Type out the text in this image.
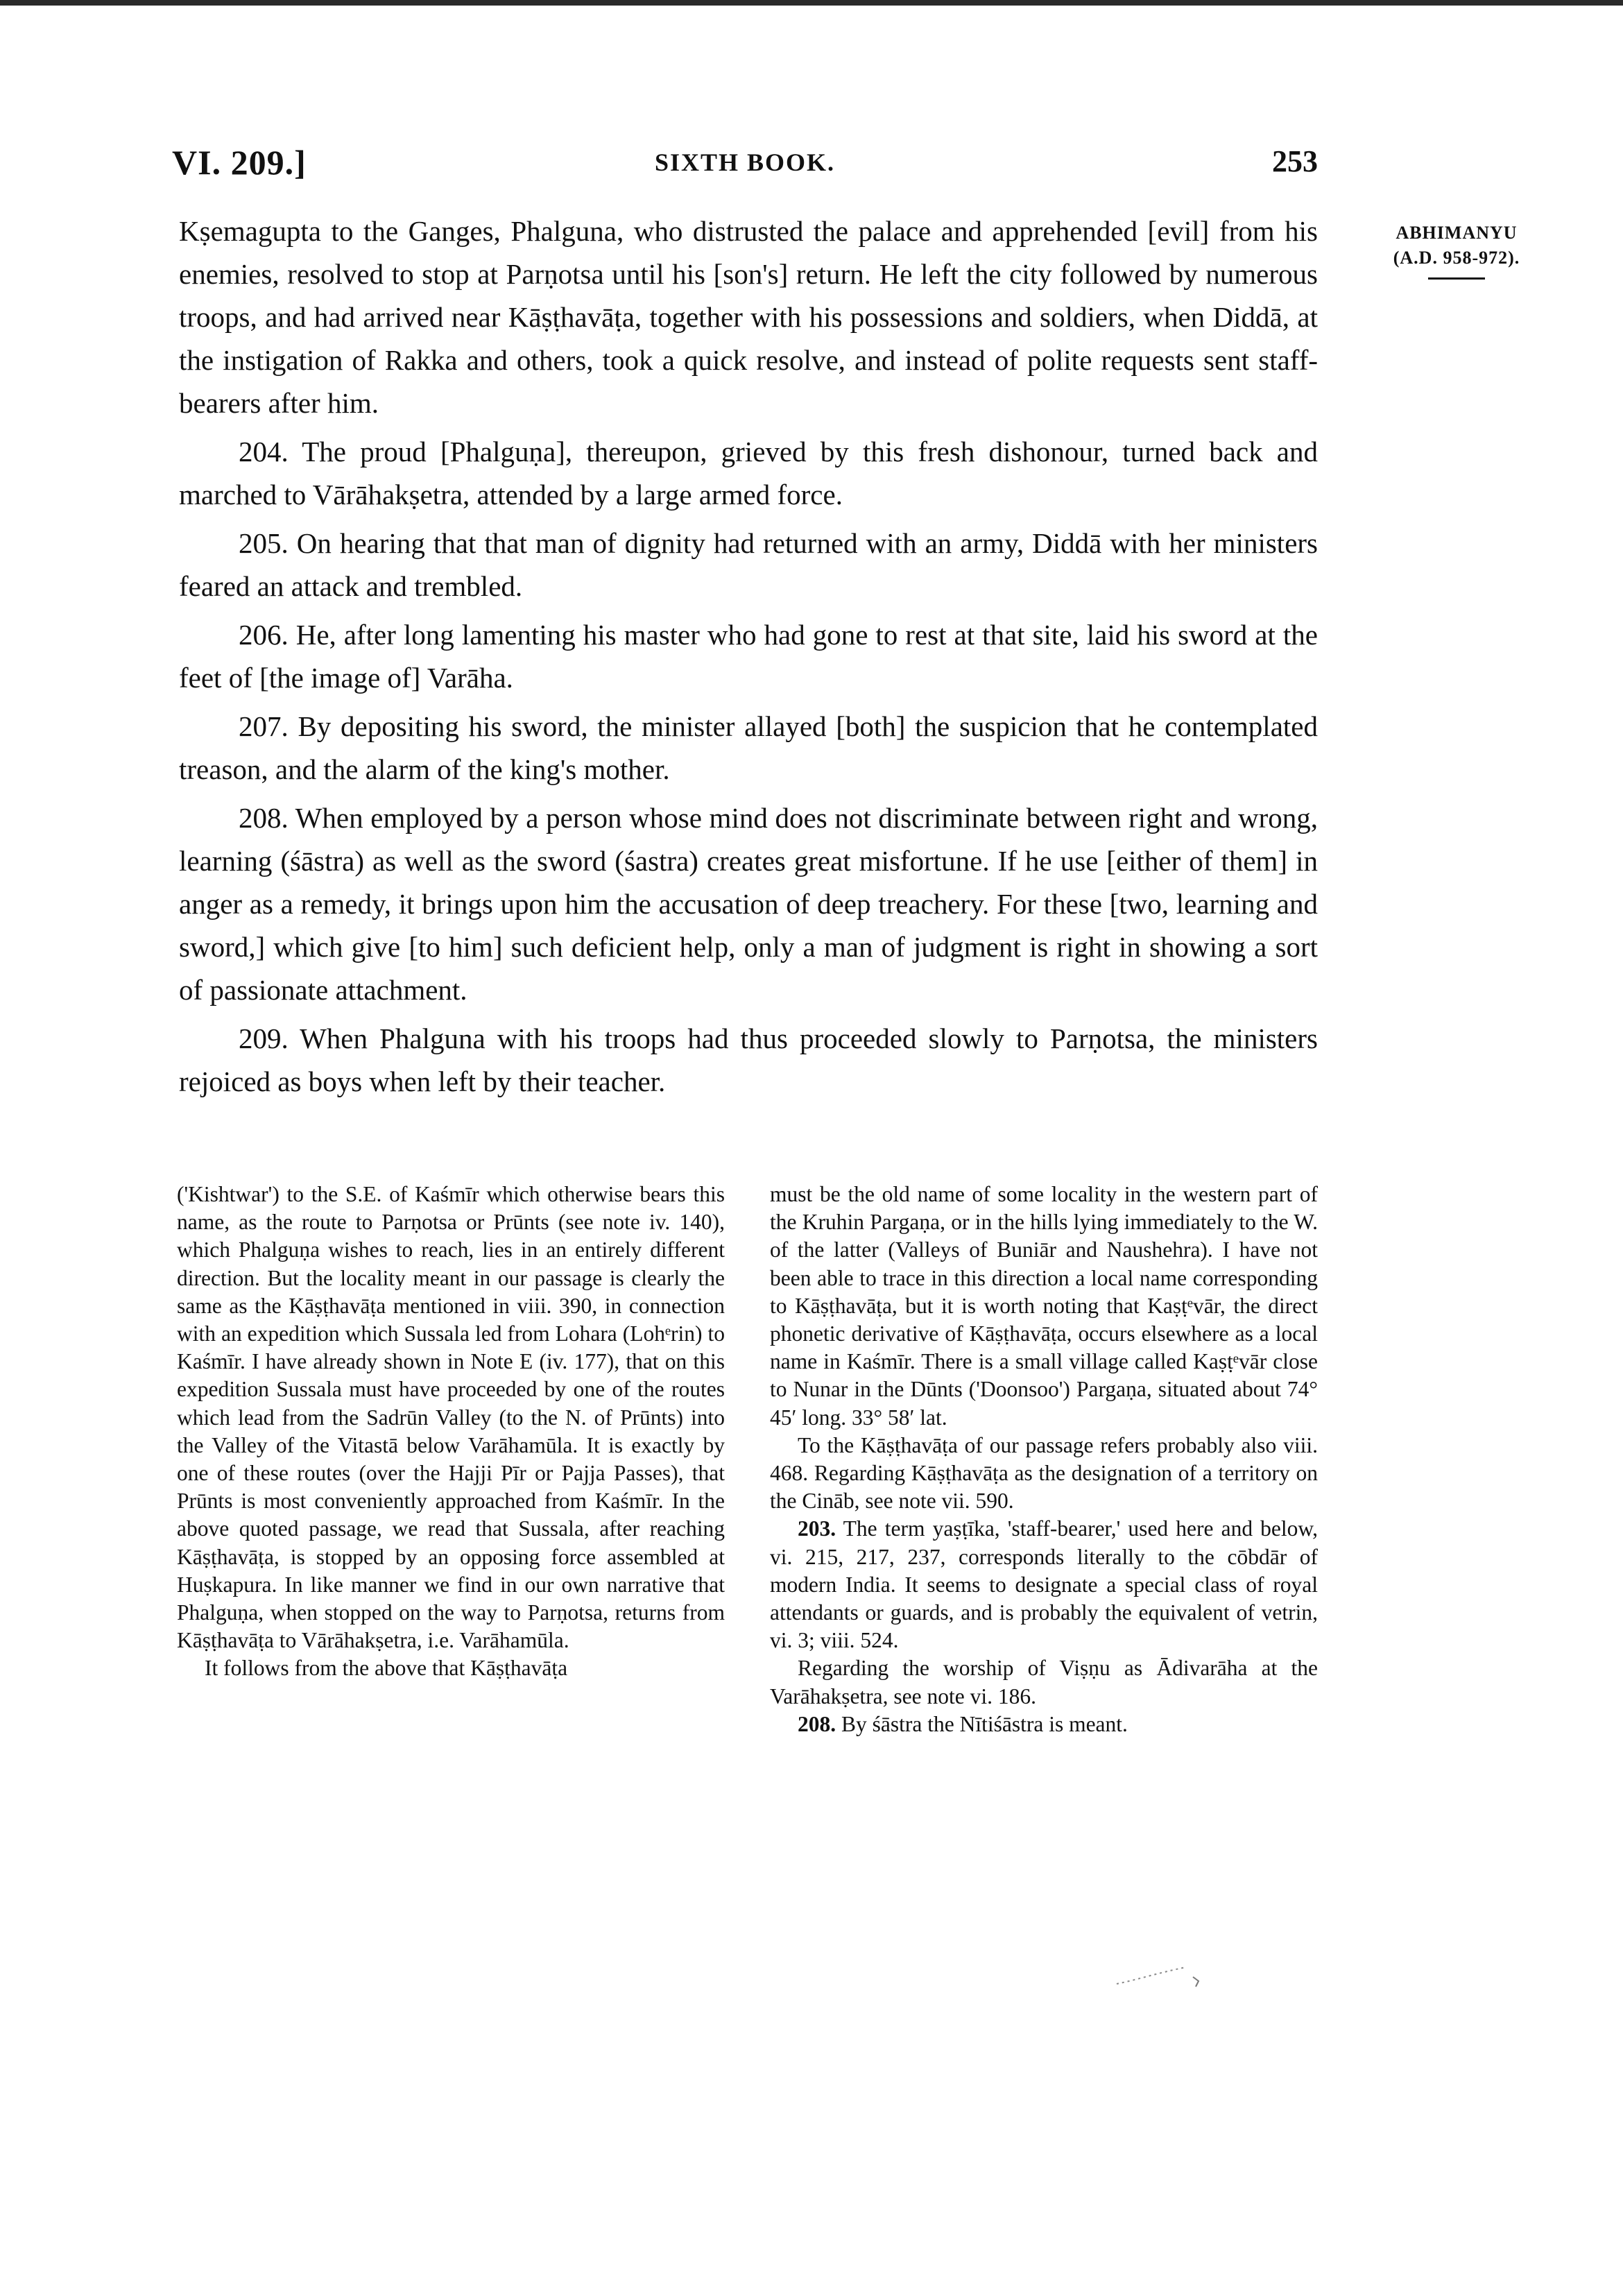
VI. 209.]	SIXTH BOOK.	253
ABHIMANYU
(A.D. 958-972).

Kṣemagupta to the Ganges, Phalguna, who distrusted the palace and apprehended [evil] from his enemies, resolved to stop at Parṇotsa until his [son's] return. He left the city followed by numerous troops, and had arrived near Kāṣṭhavāṭa, together with his possessions and soldiers, when Diddā, at the instigation of Rakka and others, took a quick resolve, and instead of polite requests sent staff-bearers after him.

204. The proud [Phalguṇa], thereupon, grieved by this fresh dishonour, turned back and marched to Vārāhakṣetra, attended by a large armed force.

205. On hearing that that man of dignity had returned with an army, Diddā with her ministers feared an attack and trembled.

206. He, after long lamenting his master who had gone to rest at that site, laid his sword at the feet of [the image of] Varāha.

207. By depositing his sword, the minister allayed [both] the suspicion that he contemplated treason, and the alarm of the king's mother.

208. When employed by a person whose mind does not discriminate between right and wrong, learning (śāstra) as well as the sword (śastra) creates great misfortune. If he use [either of them] in anger as a remedy, it brings upon him the accusation of deep treachery. For these [two, learning and sword,] which give [to him] such deficient help, only a man of judgment is right in showing a sort of passionate attachment.

209. When Phalguna with his troops had thus proceeded slowly to Parṇotsa, the ministers rejoiced as boys when left by their teacher.

('Kishtwar') to the S.E. of Kaśmīr which otherwise bears this name, as the route to Parṇotsa or Prūnts (see note iv. 140), which Phalguṇa wishes to reach, lies in an entirely different direction. But the locality meant in our passage is clearly the same as the Kāṣṭhavāṭa mentioned in viii. 390, in connection with an expedition which Sussala led from Lohara (Lohᵉrin) to Kaśmīr. I have already shown in Note E (iv. 177), that on this expedition Sussala must have proceeded by one of the routes which lead from the Sadrūn Valley (to the N. of Prūnts) into the Valley of the Vitastā below Varāhamūla. It is exactly by one of these routes (over the Hajji Pīr or Pajja Passes), that Prūnts is most conveniently approached from Kaśmīr. In the above quoted passage, we read that Sussala, after reaching Kāṣṭhavāṭa, is stopped by an opposing force assembled at Huṣkapura. In like manner we find in our own narrative that Phalguṇa, when stopped on the way to Parṇotsa, returns from Kāṣṭhavāṭa to Vārāhakṣetra, i.e. Varāhamūla.

It follows from the above that Kāṣṭhavāṭa

must be the old name of some locality in the western part of the Kruhin Pargaṇa, or in the hills lying immediately to the W. of the latter (Valleys of Buniār and Naushehra). I have not been able to trace in this direction a local name corresponding to Kāṣṭhavāṭa, but it is worth noting that Kaṣṭᵉvār, the direct phonetic derivative of Kāṣṭhavāṭa, occurs elsewhere as a local name in Kaśmīr. There is a small village called Kaṣṭᵉvār close to Nunar in the Dūnts ('Doonsoo') Pargaṇa, situated about 74° 45′ long. 33° 58′ lat.

To the Kāṣṭhavāṭa of our passage refers probably also viii. 468. Regarding Kāṣṭhavāṭa as the designation of a territory on the Cināb, see note vii. 590.

203. The term yaṣṭīka, 'staff-bearer,' used here and below, vi. 215, 217, 237, corresponds literally to the cōbdār of modern India. It seems to designate a special class of royal attendants or guards, and is probably the equivalent of vetrin, vi. 3; viii. 524.

Regarding the worship of Viṣṇu as Ādivarāha at the Varāhakṣetra, see note vi. 186.

208. By śāstra the Nītiśāstra is meant.
